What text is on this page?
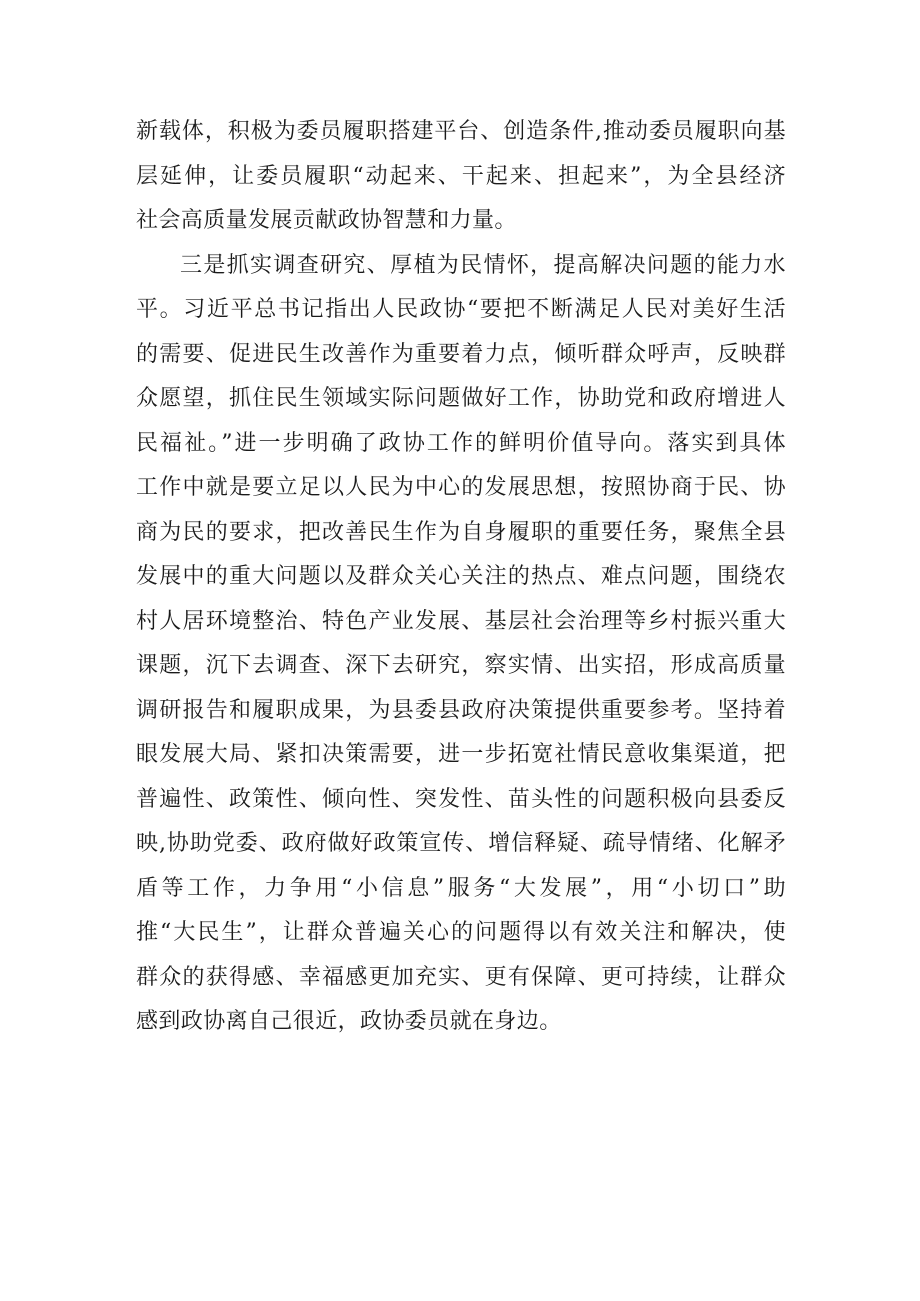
新载体，积极为委员履职搭建平台、创造条件,推动委员履职向基
层延伸，让委员履职“动起来、干起来、担起来”，为全县经济
社会高质量发展贡献政协智慧和力量。
三是抓实调查研究、厚植为民情怀，提高解决问题的能力水
平。习近平总书记指出人民政协“要把不断满足人民对美好生活
的需要、促进民生改善作为重要着力点，倾听群众呼声，反映群
众愿望，抓住民生领域实际问题做好工作，协助党和政府增进人
民福祉。”进一步明确了政协工作的鲜明价值导向。落实到具体
工作中就是要立足以人民为中心的发展思想，按照协商于民、协
商为民的要求，把改善民生作为自身履职的重要任务，聚焦全县
发展中的重大问题以及群众关心关注的热点、难点问题，围绕农
村人居环境整治、特色产业发展、基层社会治理等乡村振兴重大
课题，沉下去调查、深下去研究，察实情、出实招，形成高质量
调研报告和履职成果，为县委县政府决策提供重要参考。坚持着
眼发展大局、紧扣决策需要，进一步拓宽社情民意收集渠道，把
普遍性、政策性、倾向性、突发性、苗头性的问题积极向县委反
映,协助党委、政府做好政策宣传、增信释疑、疏导情绪、化解矛
盾等工作，力争用“小信息”服务“大发展”，用“小切口”助
推“大民生”，让群众普遍关心的问题得以有效关注和解决，使
群众的获得感、幸福感更加充实、更有保障、更可持续，让群众
感到政协离自己很近，政协委员就在身边。
